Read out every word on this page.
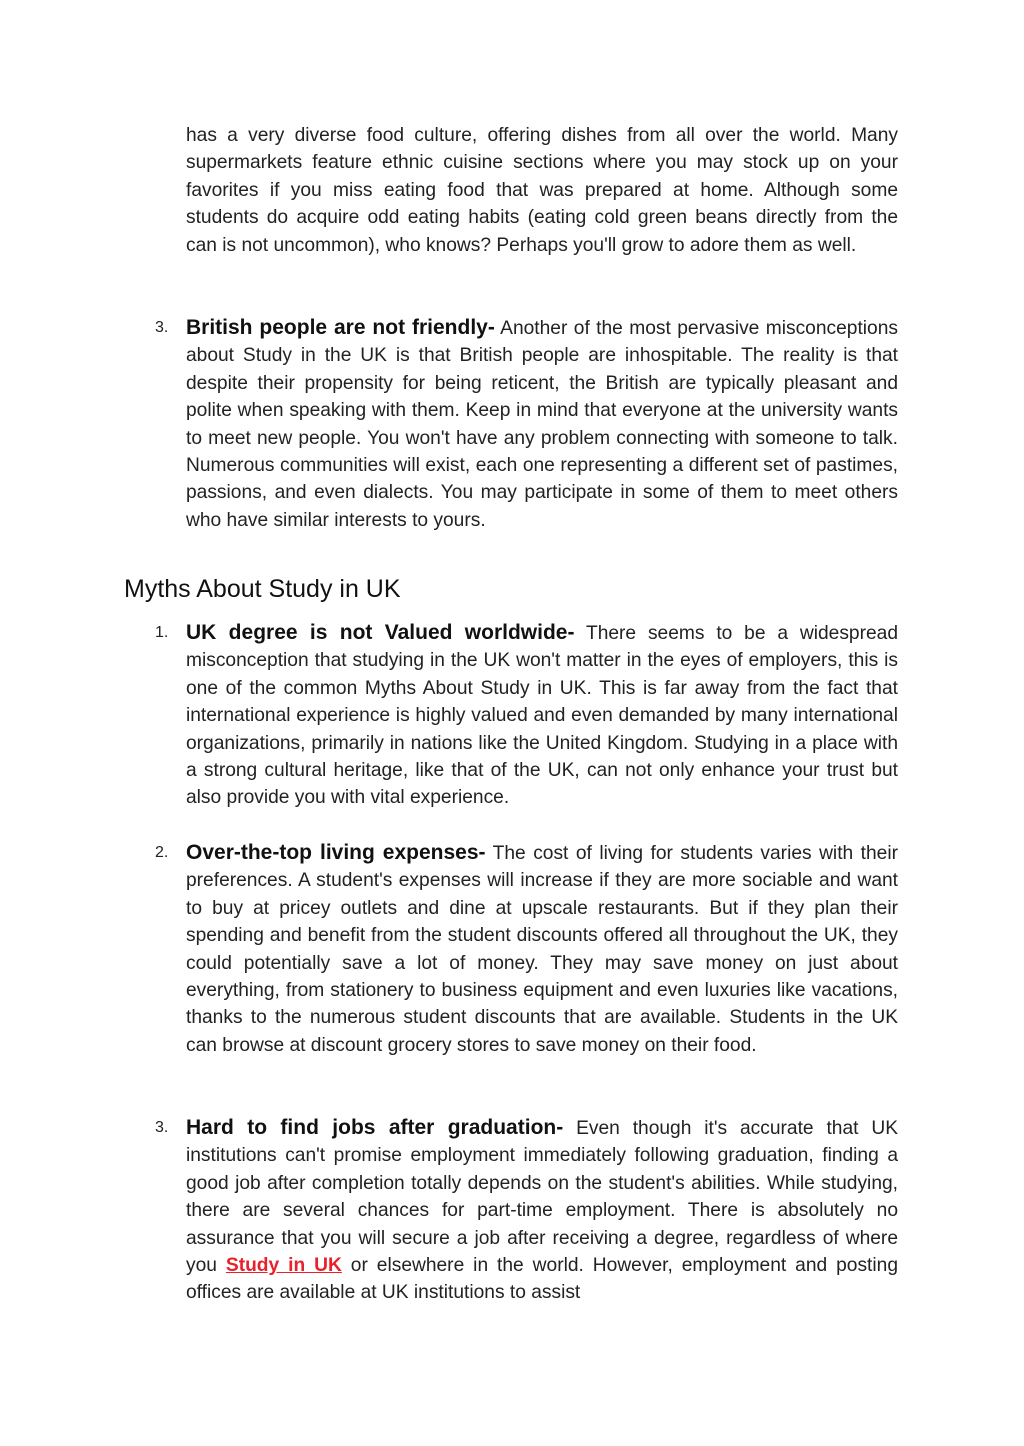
has a very diverse food culture, offering dishes from all over the world. Many supermarkets feature ethnic cuisine sections where you may stock up on your favorites if you miss eating food that was prepared at home. Although some students do acquire odd eating habits (eating cold green beans directly from the can is not uncommon), who knows? Perhaps you'll grow to adore them as well.

3. British people are not friendly- Another of the most pervasive misconceptions about Study in the UK is that British people are inhospitable. The reality is that despite their propensity for being reticent, the British are typically pleasant and polite when speaking with them. Keep in mind that everyone at the university wants to meet new people. You won't have any problem connecting with someone to talk. Numerous communities will exist, each one representing a different set of pastimes, passions, and even dialects. You may participate in some of them to meet others who have similar interests to yours.

Myths About Study in UK
1. UK degree is not Valued worldwide- There seems to be a widespread misconception that studying in the UK won't matter in the eyes of employers, this is one of the common Myths About Study in UK. This is far away from the fact that international experience is highly valued and even demanded by many international organizations, primarily in nations like the United Kingdom. Studying in a place with a strong cultural heritage, like that of the UK, can not only enhance your trust but also provide you with vital experience.

2. Over-the-top living expenses- The cost of living for students varies with their preferences. A student's expenses will increase if they are more sociable and want to buy at pricey outlets and dine at upscale restaurants. But if they plan their spending and benefit from the student discounts offered all throughout the UK, they could potentially save a lot of money. They may save money on just about everything, from stationery to business equipment and even luxuries like vacations, thanks to the numerous student discounts that are available. Students in the UK can browse at discount grocery stores to save money on their food.

3. Hard to find jobs after graduation- Even though it's accurate that UK institutions can't promise employment immediately following graduation, finding a good job after completion totally depends on the student's abilities. While studying, there are several chances for part-time employment. There is absolutely no assurance that you will secure a job after receiving a degree, regardless of where you Study in UK or elsewhere in the world. However, employment and posting offices are available at UK institutions to assist
